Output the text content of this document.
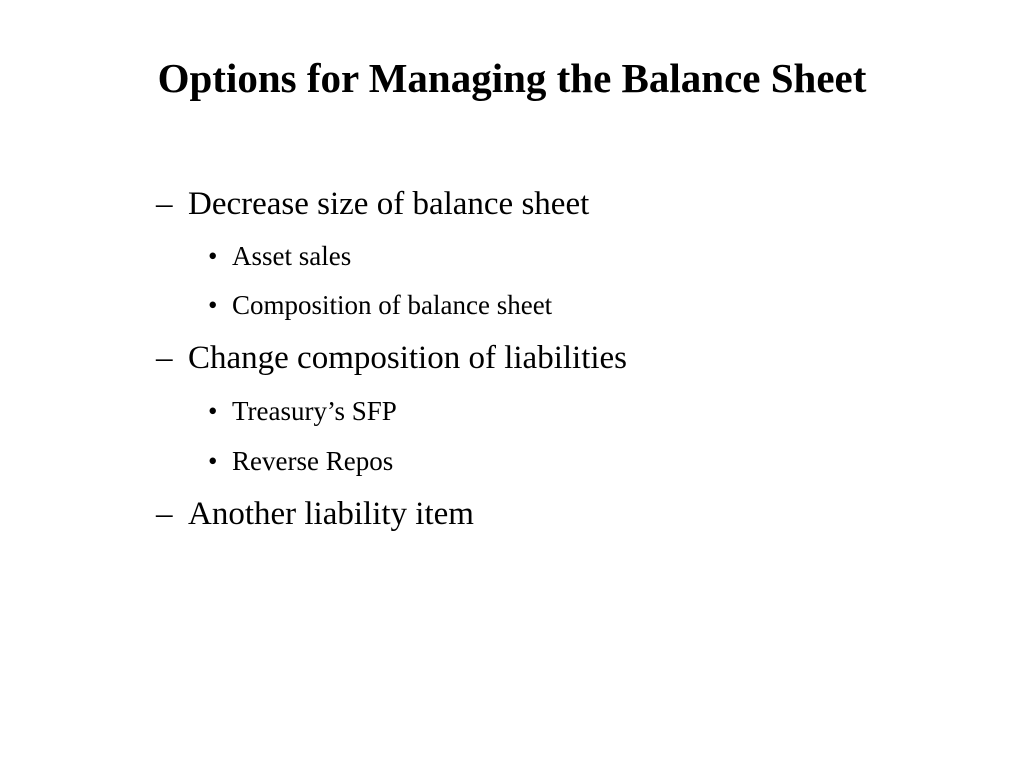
Options for Managing the Balance Sheet
– Decrease size of balance sheet
• Asset sales
• Composition of balance sheet
– Change composition of liabilities
• Treasury’s SFP
• Reverse Repos
– Another liability item
